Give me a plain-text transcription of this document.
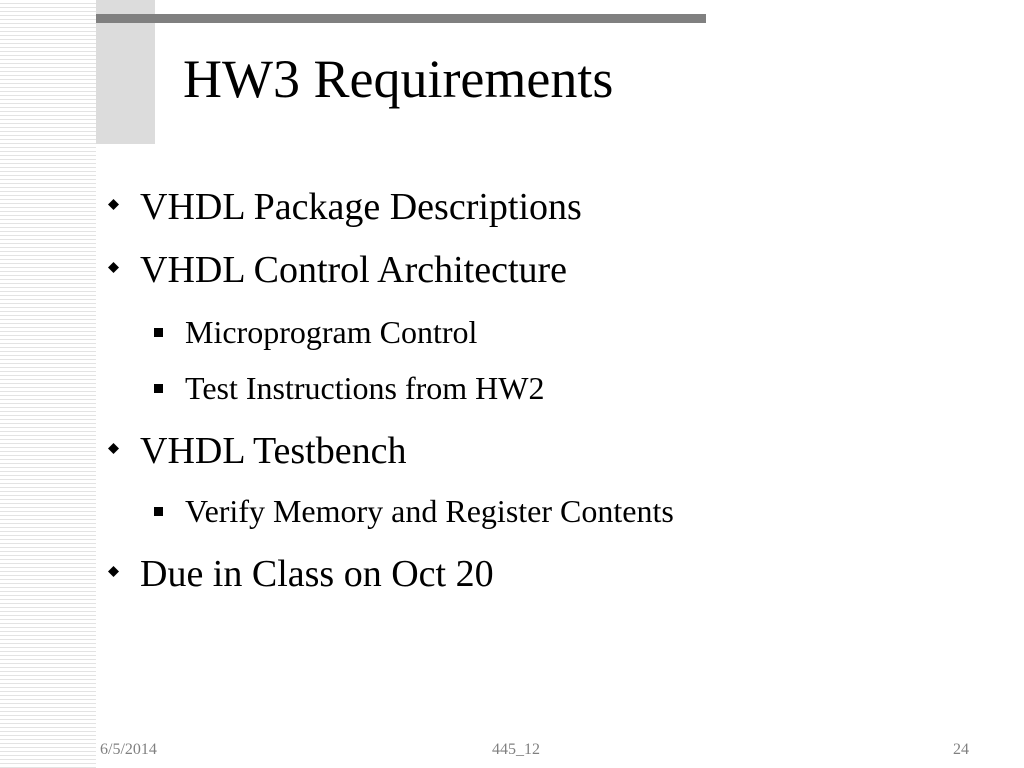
HW3 Requirements
VHDL Package Descriptions
VHDL Control Architecture
Microprogram Control
Test Instructions from HW2
VHDL Testbench
Verify Memory and Register Contents
Due in Class on Oct 20
6/5/2014	445_12	24
